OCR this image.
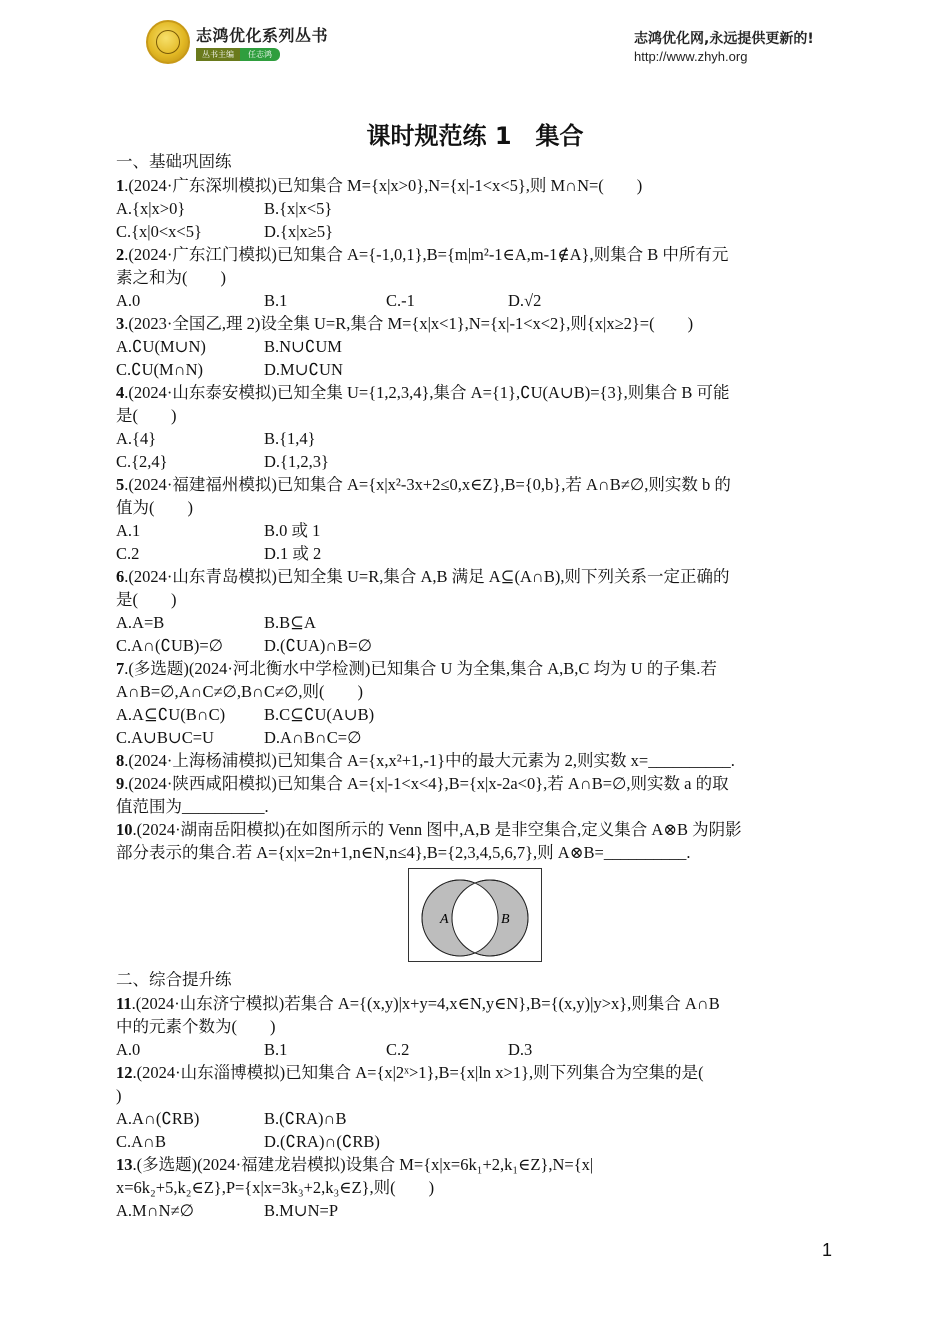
志鸿优化系列丛书
丛书主编	任志鸿
志鸿优化网,永远提供更新的!
http://www.zhyh.org
课时规范练 1　集合
一、基础巩固练
1.(2024·广东深圳模拟)已知集合 M={x|x>0},N={x|-1<x<5},则 M∩N=(　　)
A.{x|x>0}	B.{x|x<5}
C.{x|0<x<5}	D.{x|x≥5}
2.(2024·广东江门模拟)已知集合 A={-1,0,1},B={m|m²-1∈A,m-1∉A},则集合 B 中所有元
素之和为(　　)
A.0	B.1	C.-1	D.√2
3.(2023·全国乙,理 2)设全集 U=R,集合 M={x|x<1},N={x|-1<x<2},则{x|x≥2}=(　　)
A.∁U(M∪N)	B.N∪∁UM
C.∁U(M∩N)	D.M∪∁UN
4.(2024·山东泰安模拟)已知全集 U={1,2,3,4},集合 A={1},∁U(A∪B)={3},则集合 B 可能
是(　　)
A.{4}	B.{1,4}
C.{2,4}	D.{1,2,3}
5.(2024·福建福州模拟)已知集合 A={x|x²-3x+2≤0,x∈Z},B={0,b},若 A∩B≠∅,则实数 b 的
值为(　　)
A.1	B.0 或 1
C.2	D.1 或 2
6.(2024·山东青岛模拟)已知全集 U=R,集合 A,B 满足 A⊆(A∩B),则下列关系一定正确的
是(　　)
A.A=B	B.B⊆A
C.A∩(∁UB)=∅ D.(∁UA)∩B=∅
7.(多选题)(2024·河北衡水中学检测)已知集合 U 为全集,集合 A,B,C 均为 U 的子集.若
A∩B=∅,A∩C≠∅,B∩C≠∅,则(　　)
A.A⊆∁U(B∩C) B.C⊆∁U(A∪B)
C.A∪B∪C=U	D.A∩B∩C=∅
8.(2024·上海杨浦模拟)已知集合 A={x,x²+1,-1}中的最大元素为 2,则实数 x=__________.
9.(2024·陕西咸阳模拟)已知集合 A={x|-1<x<4},B={x|x-2a<0},若 A∩B=∅,则实数 a 的取
值范围为__________.
10.(2024·湖南岳阳模拟)在如图所示的 Venn 图中,A,B 是非空集合,定义集合 A⊗B 为阴影
部分表示的集合.若 A={x|x=2n+1,n∈N,n≤4},B={2,3,4,5,6,7},则 A⊗B=__________.
A	B
二、综合提升练
11.(2024·山东济宁模拟)若集合 A={(x,y)|x+y=4,x∈N,y∈N},B={(x,y)|y>x},则集合 A∩B
中的元素个数为(　　)
A.0	B.1	C.2	D.3
12.(2024·山东淄博模拟)已知集合 A={x|2ˣ>1},B={x|ln x>1},则下列集合为空集的是(
)
A.A∩(∁RB)	B.(∁RA)∩B
C.A∩B	D.(∁RA)∩(∁RB)
13.(多选题)(2024·福建龙岩模拟)设集合 M={x|x=6k₁+2,k₁∈Z},N={x|
x=6k₂+5,k₂∈Z},P={x|x=3k₃+2,k₃∈Z},则(　　)
A.M∩N≠∅	B.M∪N=P
1
